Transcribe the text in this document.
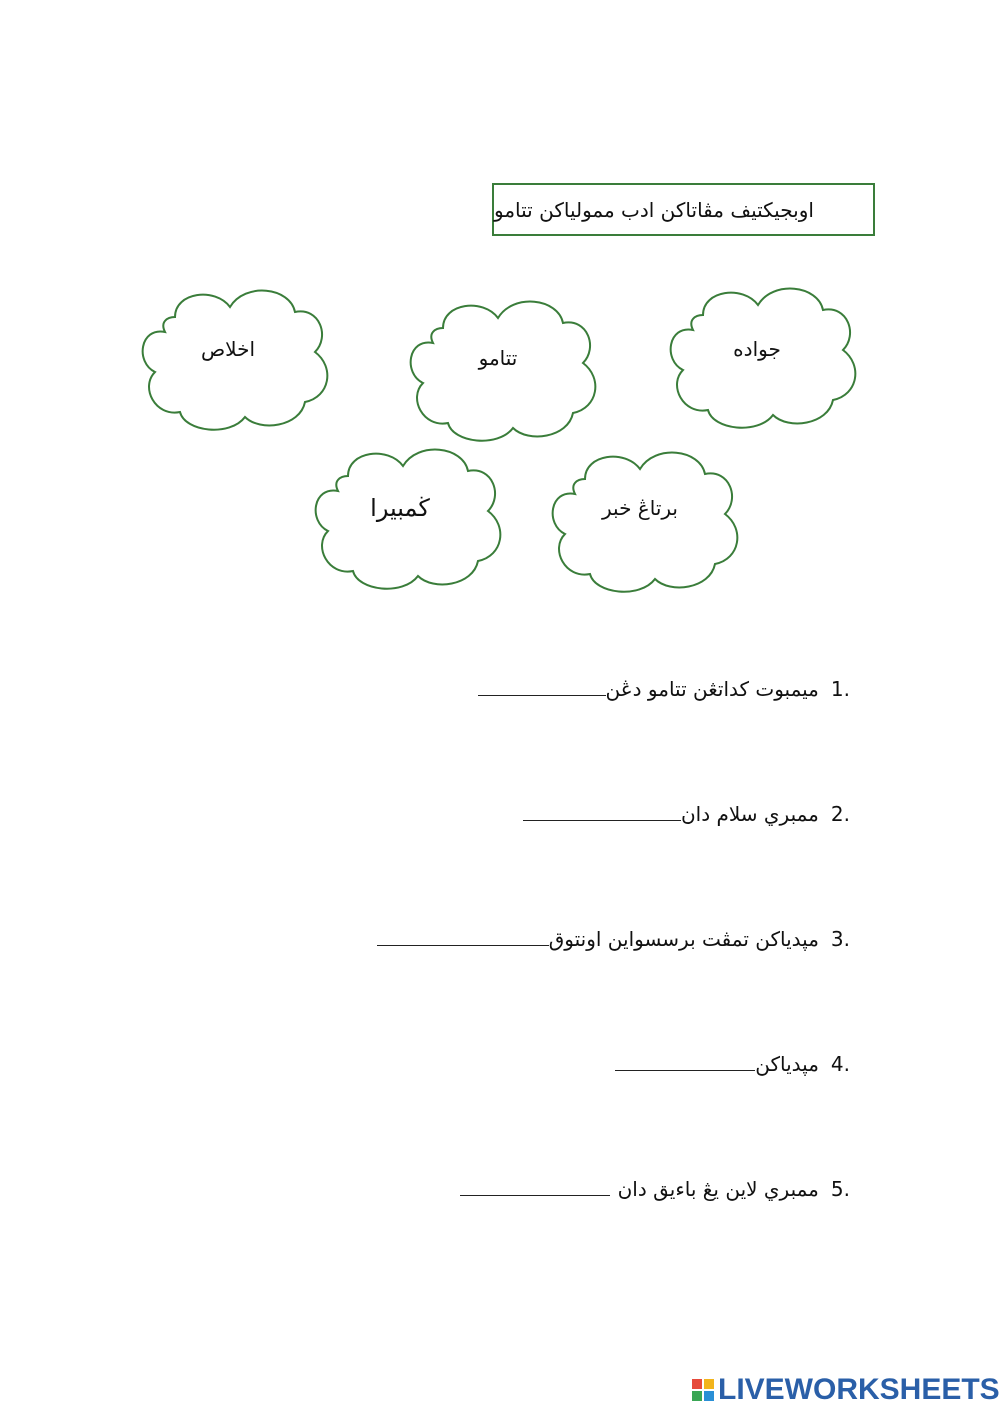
اوبجيکتيف مڤاتاکن ادب ممولياکن تتامو
اخلاص	تتامو	جواده
ڬمبيرا	برتاڠ خبر
1.
ميمبوت کداتڠن تتامو دڠن
2.
ممبري سلام دان
3.
مڽدياکن تمڤت برسسواين اونتوق
4.
مڽدياکن
5.
ممبري لاين يڠ باءيق دان
LIVEWORKSHEETS
